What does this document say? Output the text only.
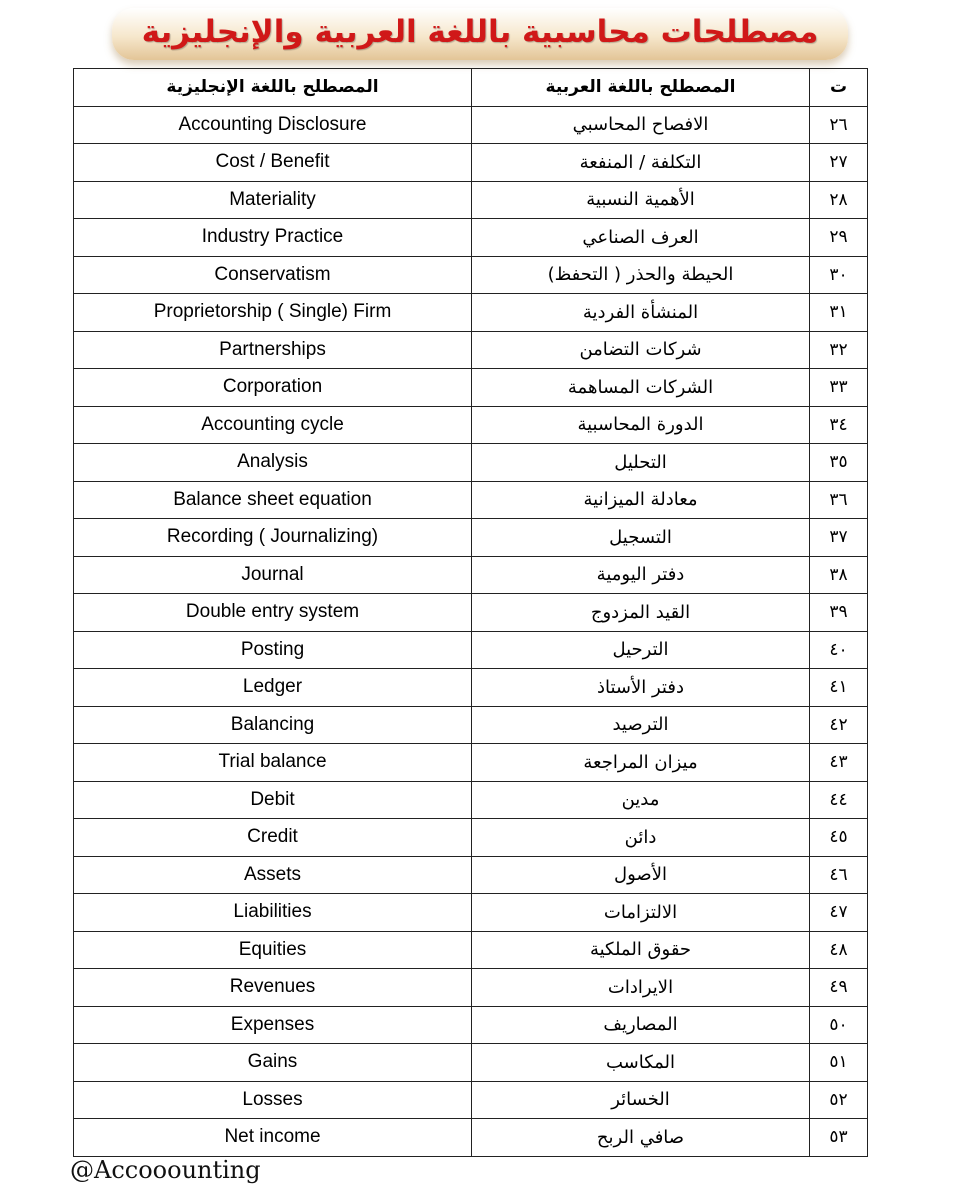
مصطلحات محاسبية باللغة العربية والإنجليزية
ت	المصطلح باللغة العربية	المصطلح باللغة الإنجليزية
٢٦	الافصاح المحاسبي	Accounting Disclosure
٢٧	التكلفة / المنفعة	Cost / Benefit
٢٨	الأهمية النسبية	Materiality
٢٩	العرف الصناعي	Industry Practice
٣٠	الحيطة والحذر ( التحفظ)	Conservatism
٣١	المنشأة الفردية	Proprietorship ( Single) Firm
٣٢	شركات التضامن	Partnerships
٣٣	الشركات المساهمة	Corporation
٣٤	الدورة المحاسبية	Accounting cycle
٣٥	التحليل	Analysis
٣٦	معادلة الميزانية	Balance sheet equation
٣٧	التسجيل	Recording ( Journalizing)
٣٨	دفتر اليومية	Journal
٣٩	القيد المزدوج	Double entry system
٤٠	الترحيل	Posting
٤١	دفتر الأستاذ	Ledger
٤٢	الترصيد	Balancing
٤٣	ميزان المراجعة	Trial balance
٤٤	مدين	Debit
٤٥	دائن	Credit
٤٦	الأصول	Assets
٤٧	الالتزامات	Liabilities
٤٨	حقوق الملكية	Equities
٤٩	الايرادات	Revenues
٥٠	المصاريف	Expenses
٥١	المكاسب	Gains
٥٢	الخسائر	Losses
٥٣	صافي الربح	Net income
@Accooounting
